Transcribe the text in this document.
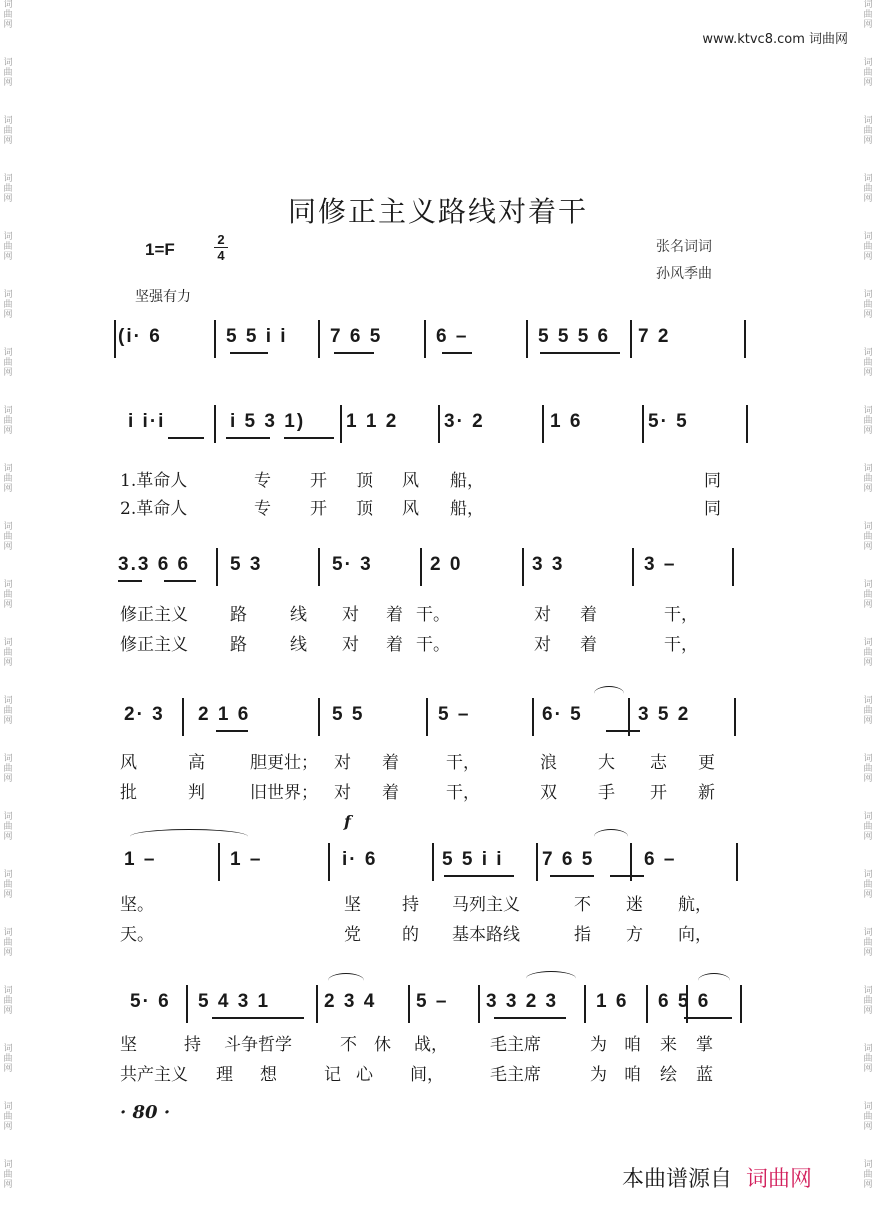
词
曲
网
词
曲
网
词
曲
网
词
曲
网
词
曲
网
词
曲
网
词
曲
网
词
曲
网
词
曲
网
词
曲
网
词
曲
网
词
曲
网
词
曲
网
词
曲
网
词
曲
网
词
曲
网
词
曲
网
词
曲
网
词
曲
网
词
曲
网
词
曲
网
词
曲
网
词
曲
网
词
曲
网
词
曲
网
词
曲
网
词
曲
网
词
曲
网
词
曲
网
词
曲
网
词
曲
网
词
曲
网
词
曲
网
词
曲
网
词
曲
网
词
曲
网
词
曲
网
词
曲
网
词
曲
网
词
曲
网
词
曲
网
词
曲
网
www.ktvc8.com 词曲网
同修正主义路线对着干
1=F	$\frac{2}{4}$	张名词词
孙风季曲
坚强有力
f
(i· 6	5 5 i i 7 6 5	6 –	5 5 5 6 7 2
i i·i	i 5 3 1) 1 1 2 3· 2	1 6	5· 5
3.3 6 6 5 3	5· 3	2 0	3 3	3 –
2· 3 2 1 6	5 5	5 –	6· 5	3 5 2
1 –	1 –	i· 6	5 5 i i 7 6 5	6 –
5· 6 5 4 3 1	2 3 4 5 – 3 3 2 3 1 6 6 5 6
· 80 ·
本曲谱源自 词曲网
1.革命人	专 开 顶 风 船，	同
2.革命人	专 开 顶 风 船，	同
修正主义 路	线 对 着 干。	对 着	干，
修正主义 路	线 对 着 干。	对 着	干，
风	高	胆更壮； 对 着	干，	浪 大 志 更
批	判	旧世界； 对 着	干，	双 手 开 新
坚。	坚 持 马列主义	不 迷 航，
天。	党 的 基本路线	指 方 向，
坚	持 斗争哲学	不 休 战， 毛主席	为 咱 来 掌
共产主义 理 想	记 心 间，	毛主席	为 咱 绘 蓝
